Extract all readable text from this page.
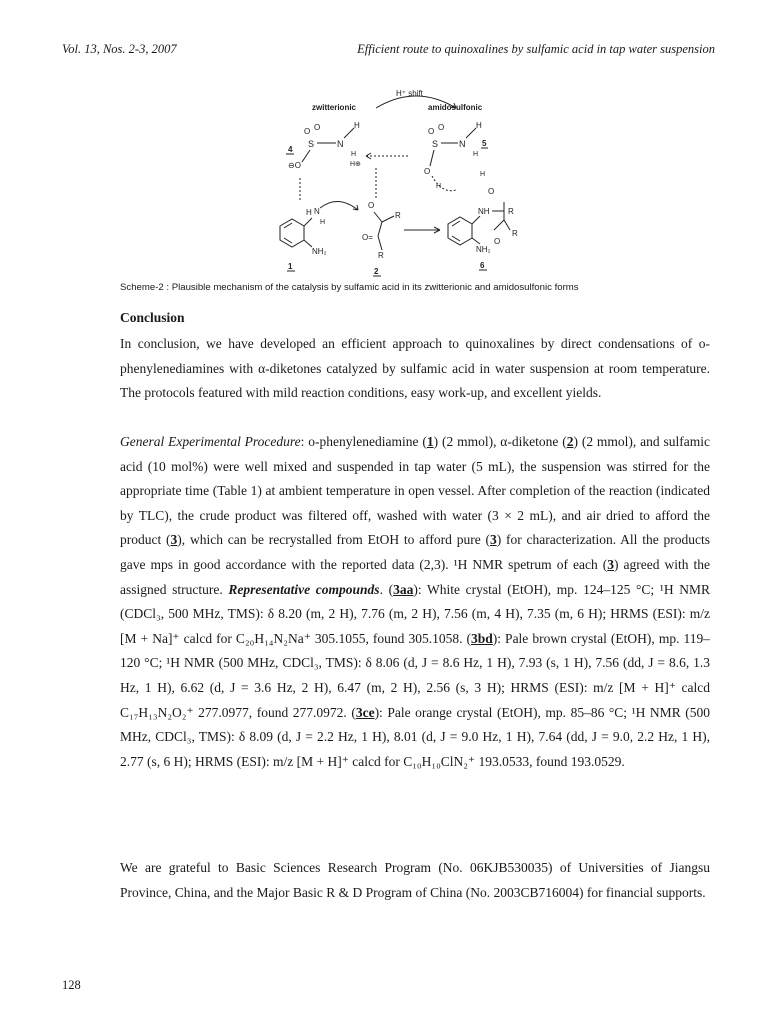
Vol. 13, Nos. 2-3, 2007	Efficient route to quinoxalines by sulfamic acid in tap water suspension
H⁺ shift
zwitterionic	amidosulfonic
O O
S	N
H
H
H⊕
⊖O
4
O O
S N
H
H
5
O
H
H
O
H N
H
NH₂
1
O
R
O=
R
2
NH R
R
O
NH₂
6
Scheme-2 : Plausible mechanism of the catalysis by sulfamic acid in its zwitterionic and amidosulfonic forms
Conclusion
In conclusion, we have developed an efficient approach to quinoxalines by direct condensations of o-phenylenediamines with α-diketones catalyzed by sulfamic acid in water suspension at room temperature. The protocols featured with mild reaction conditions, easy work-up, and excellent yields.
General Experimental Procedure: o-phenylenediamine (1) (2 mmol), α-diketone (2) (2 mmol), and sulfamic acid (10 mol%) were well mixed and suspended in tap water (5 mL), the suspension was stirred for the appropriate time (Table 1) at ambient temperature in open vessel. After completion of the reaction (indicated by TLC), the crude product was filtered off, washed with water (3 × 2 mL), and air dried to afford the product (3), which can be recrystalled from EtOH to afford pure (3) for characterization. All the products gave mps in good accordance with the reported data (2,3). ¹H NMR spetrum of each (3) agreed with the assigned structure. Representative compounds. (3aa): White crystal (EtOH), mp. 124–125 °C; ¹H NMR (CDCl₃, 500 MHz, TMS): δ 8.20 (m, 2 H), 7.76 (m, 2 H), 7.56 (m, 4 H), 7.35 (m, 6 H); HRMS (ESI): m/z [M + Na]⁺ calcd for C₂₀H₁₄N₂Na⁺ 305.1055, found 305.1058. (3bd): Pale brown crystal (EtOH), mp. 119–120 °C; ¹H NMR (500 MHz, CDCl₃, TMS): δ 8.06 (d, J = 8.6 Hz, 1 H), 7.93 (s, 1 H), 7.56 (dd, J = 8.6, 1.3 Hz, 1 H), 6.62 (d, J = 3.6 Hz, 2 H), 6.47 (m, 2 H), 2.56 (s, 3 H); HRMS (ESI): m/z [M + H]⁺ calcd C₁₇H₁₃N₂O₂⁺ 277.0977, found 277.0972. (3ce): Pale orange crystal (EtOH), mp. 85–86 °C; ¹H NMR (500 MHz, CDCl₃, TMS): δ 8.09 (d, J = 2.2 Hz, 1 H), 8.01 (d, J = 9.0 Hz, 1 H), 7.64 (dd, J = 9.0, 2.2 Hz, 1 H), 2.77 (s, 6 H); HRMS (ESI): m/z [M + H]⁺ calcd for C₁₀H₁₀ClN₂⁺ 193.0533, found 193.0529.
We are grateful to Basic Sciences Research Program (No. 06KJB530035) of Universities of Jiangsu Province, China, and the Major Basic R & D Program of China (No. 2003CB716004) for financial supports.
128
